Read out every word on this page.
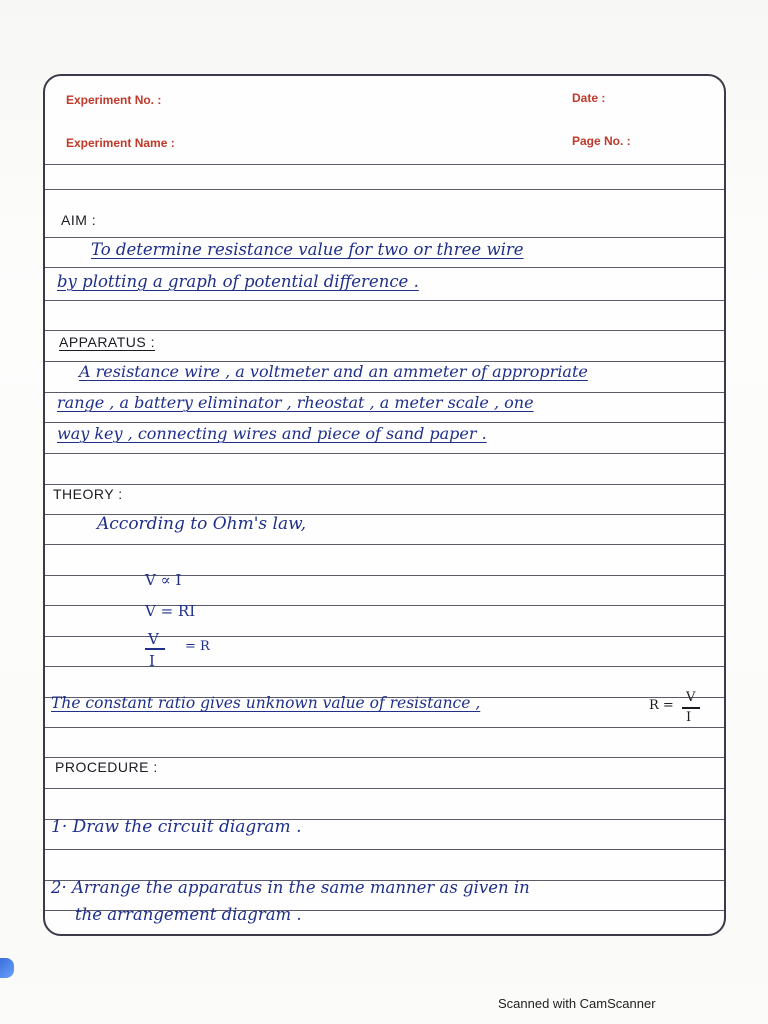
Experiment No. :	Date :
Experiment Name :	Page No. :
AIM :
To determine resistance value for two or three wire
by plotting a graph of potential difference .
APPARATUS :
A resistance wire , a voltmeter and an ammeter of appropriate
range , a battery eliminator , rheostat , a meter scale , one
way key , connecting wires and piece of sand paper .
THEORY :
According to Ohm's law,
V ∝ I
V = RI
V
I
= R
The constant ratio gives unknown value of resistance ,	R =
V
I
PROCEDURE :
1· Draw the circuit diagram .
2· Arrange the apparatus in the same manner as given in
the arrangement diagram .
Scanned with CamScanner
